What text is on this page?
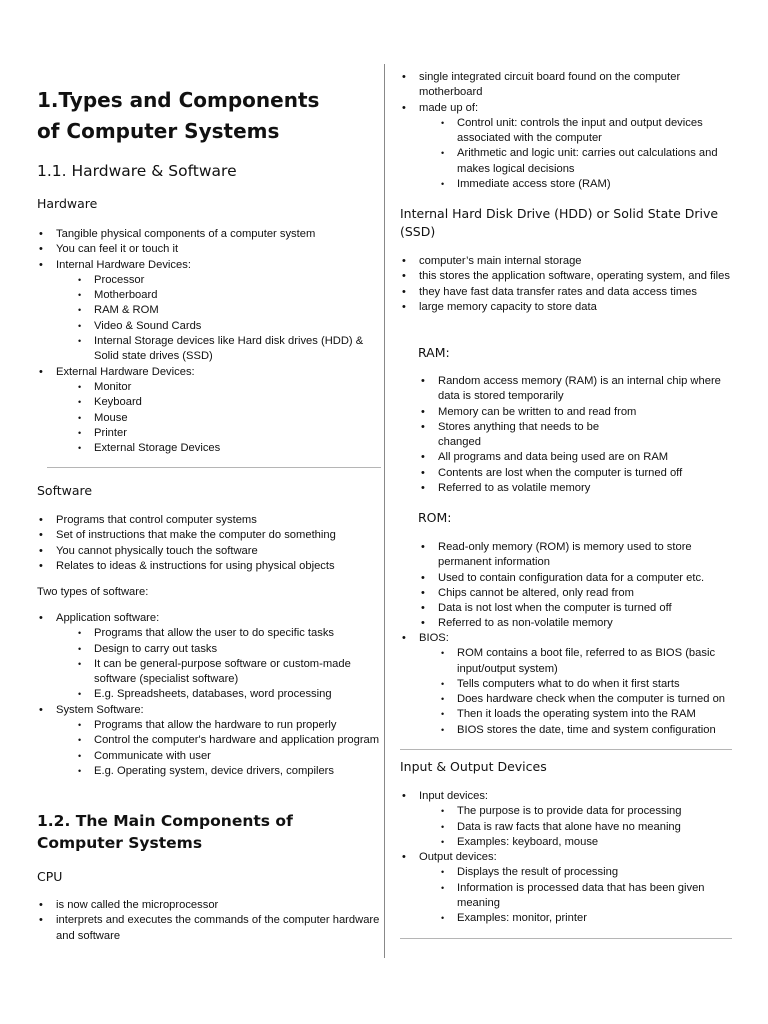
1.Types and Components
of Computer Systems
1.1. Hardware & Software
Hardware
• Tangible physical components of a computer system
• You can feel it or touch it
• Internal Hardware Devices:
• Processor
• Motherboard
• RAM & ROM
• Video & Sound Cards
• Internal Storage devices like Hard disk drives (HDD) & Solid state drives (SSD)
• External Hardware Devices:
• Monitor
• Keyboard
• Mouse
• Printer
• External Storage Devices
Software
• Programs that control computer systems
• Set of instructions that make the computer do something
• You cannot physically touch the software
• Relates to ideas & instructions for using physical objects
Two types of software:
• Application software:
• Programs that allow the user to do specific tasks
• Design to carry out tasks
• It can be general-purpose software or custom-made software (specialist software)
• E.g. Spreadsheets, databases, word processing
• System Software:
• Programs that allow the hardware to run properly
• Control the computer's hardware and application program
• Communicate with user
• E.g. Operating system, device drivers, compilers
1.2. The Main Components of
Computer Systems
CPU
• is now called the microprocessor
• interprets and executes the commands of the computer hardware and software
• single integrated circuit board found on the computer motherboard
• made up of:
• Control unit: controls the input and output devices associated with the computer
• Arithmetic and logic unit: carries out calculations and makes logical decisions
• Immediate access store (RAM)
Internal Hard Disk Drive (HDD) or Solid State Drive (SSD)
• computer’s main internal storage
• this stores the application software, operating system, and files
• they have fast data transfer rates and data access times
• large memory capacity to store data
RAM:
• Random access memory (RAM) is an internal chip where data is stored temporarily
• Memory can be written to and read from
• Stores anything that needs to be changed
• All programs and data being used are on RAM
• Contents are lost when the computer is turned off
• Referred to as volatile memory
ROM:
• Read-only memory (ROM) is memory used to store permanent information
• Used to contain configuration data for a computer etc.
• Chips cannot be altered, only read from
• Data is not lost when the computer is turned off
• Referred to as non-volatile memory
• BIOS:
• ROM contains a boot file, referred to as BIOS (basic input/output system)
• Tells computers what to do when it first starts
• Does hardware check when the computer is turned on
• Then it loads the operating system into the RAM
• BIOS stores the date, time and system configuration
Input & Output Devices
• Input devices:
• The purpose is to provide data for processing
• Data is raw facts that alone have no meaning
• Examples: keyboard, mouse
• Output devices:
• Displays the result of processing
• Information is processed data that has been given meaning
• Examples: monitor, printer
